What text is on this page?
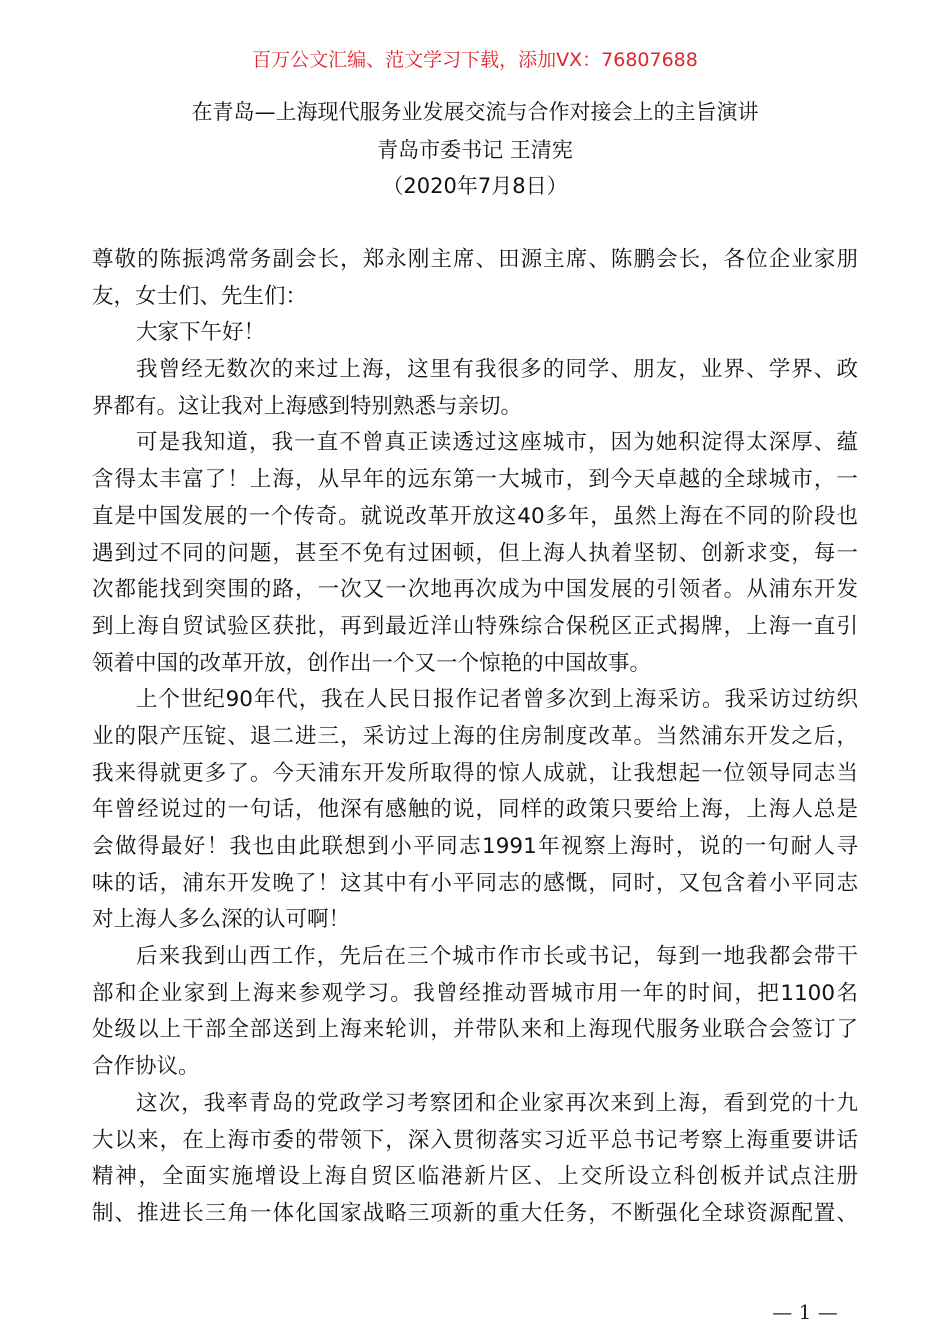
百万公文汇编、范文学习下载，添加VX：76807688
在青岛—上海现代服务业发展交流与合作对接会上的主旨演讲
青岛市委书记 王清宪
（2020年7月8日）
尊敬的陈振鸿常务副会长，郑永刚主席、田源主席、陈鹏会长，各位企业家朋
友，女士们、先生们：
大家下午好！
我曾经无数次的来过上海，这里有我很多的同学、朋友，业界、学界、政
界都有。这让我对上海感到特别熟悉与亲切。
可是我知道，我一直不曾真正读透过这座城市，因为她积淀得太深厚、蕴
含得太丰富了！上海，从早年的远东第一大城市，到今天卓越的全球城市，一
直是中国发展的一个传奇。就说改革开放这40多年，虽然上海在不同的阶段也
遇到过不同的问题，甚至不免有过困顿，但上海人执着坚韧、创新求变，每一
次都能找到突围的路，一次又一次地再次成为中国发展的引领者。从浦东开发
到上海自贸试验区获批，再到最近洋山特殊综合保税区正式揭牌，上海一直引
领着中国的改革开放，创作出一个又一个惊艳的中国故事。
上个世纪90年代，我在人民日报作记者曾多次到上海采访。我采访过纺织
业的限产压锭、退二进三，采访过上海的住房制度改革。当然浦东开发之后，
我来得就更多了。今天浦东开发所取得的惊人成就，让我想起一位领导同志当
年曾经说过的一句话，他深有感触的说，同样的政策只要给上海，上海人总是
会做得最好！我也由此联想到小平同志1991年视察上海时，说的一句耐人寻
味的话，浦东开发晚了！这其中有小平同志的感慨，同时，又包含着小平同志
对上海人多么深的认可啊！
后来我到山西工作，先后在三个城市作市长或书记，每到一地我都会带干
部和企业家到上海来参观学习。我曾经推动晋城市用一年的时间，把1100名
处级以上干部全部送到上海来轮训，并带队来和上海现代服务业联合会签订了
合作协议。
这次，我率青岛的党政学习考察团和企业家再次来到上海，看到党的十九
大以来，在上海市委的带领下，深入贯彻落实习近平总书记考察上海重要讲话
精神，全面实施增设上海自贸区临港新片区、上交所设立科创板并试点注册
制、推进长三角一体化国家战略三项新的重大任务，不断强化全球资源配置、
— 1 —
